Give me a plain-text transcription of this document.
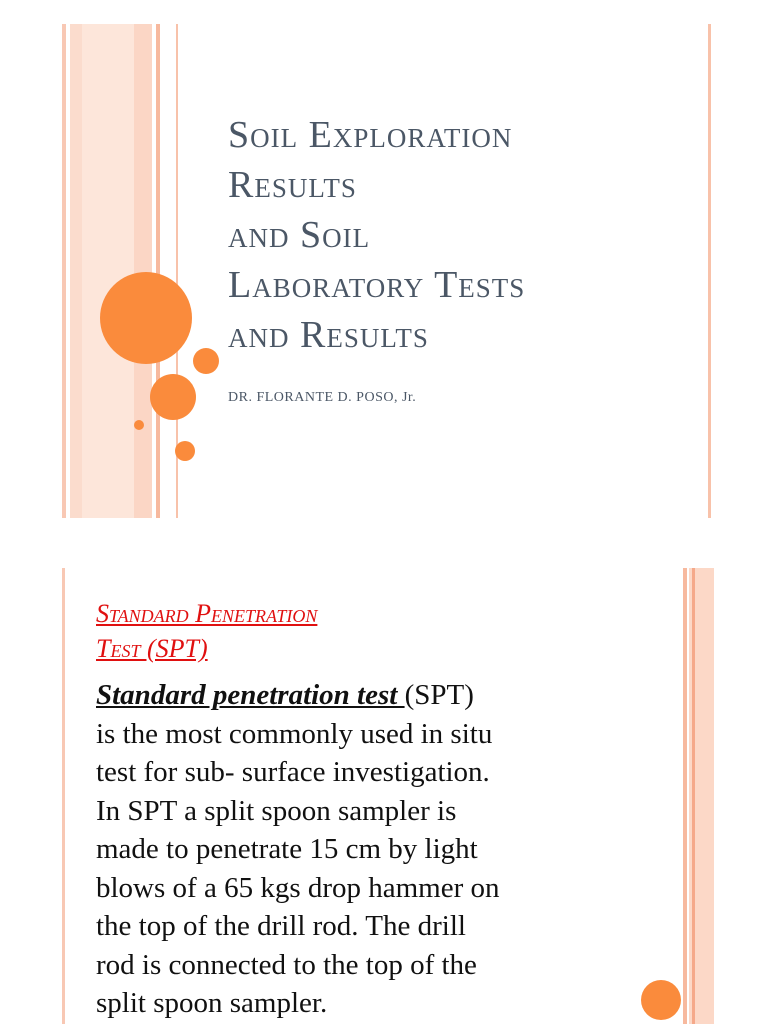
Soil Exploration
Results
and Soil
Laboratory Tests
and Results

DR. FLORANTE D. POSO, Jr.

Standard Penetration
Test (SPT)
Standard penetration test (SPT)
is the most commonly used in situ
test for sub- surface investigation.
In SPT a split spoon sampler is
made to penetrate 15 cm by light
blows of a 65 kgs drop hammer on
the top of the drill rod. The drill
rod is connected to the top of the
split spoon sampler.
